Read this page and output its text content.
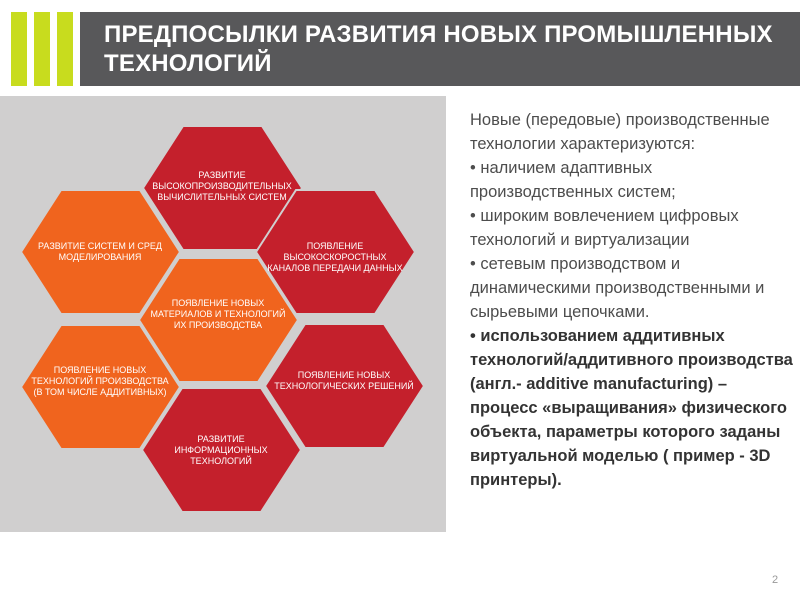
ПРЕДПОСЫЛКИ РАЗВИТИЯ НОВЫХ ПРОМЫШЛЕННЫХ ТЕХНОЛОГИЙ
РАЗВИТИЕ ВЫСОКОПРОИЗВОДИТЕЛЬНЫХ ВЫЧИСЛИТЕЛЬНЫХ СИСТЕМ
РАЗВИТИЕ СИСТЕМ И СРЕД МОДЕЛИРОВАНИЯ
ПОЯВЛЕНИЕ ВЫСОКОСКОРОСТНЫХ КАНАЛОВ ПЕРЕДАЧИ ДАННЫХ
ПОЯВЛЕНИЕ НОВЫХ МАТЕРИАЛОВ И ТЕХНОЛОГИЙ ИХ ПРОИЗВОДСТВА
ПОЯВЛЕНИЕ НОВЫХ ТЕХНОЛОГИЙ ПРОИЗВОДСТВА (В ТОМ ЧИСЛЕ АДДИТИВНЫХ)
ПОЯВЛЕНИЕ НОВЫХ ТЕХНОЛОГИЧЕСКИХ РЕШЕНИЙ
РАЗВИТИЕ ИНФОРМАЦИОННЫХ ТЕХНОЛОГИЙ

Новые (передовые) производственные технологии характеризуются:

• наличием адаптивных производственных систем;

• широким вовлечением цифровых технологий и виртуализации

• сетевым производством и динамическими производственными и сырьевыми цепочками.

• использованием аддитивных технологий/аддитивного производства (англ.- additive manufacturing) – процесс «выращивания» физического объекта, параметры которого заданы виртуальной моделью ( пример - 3D принтеры).

2
